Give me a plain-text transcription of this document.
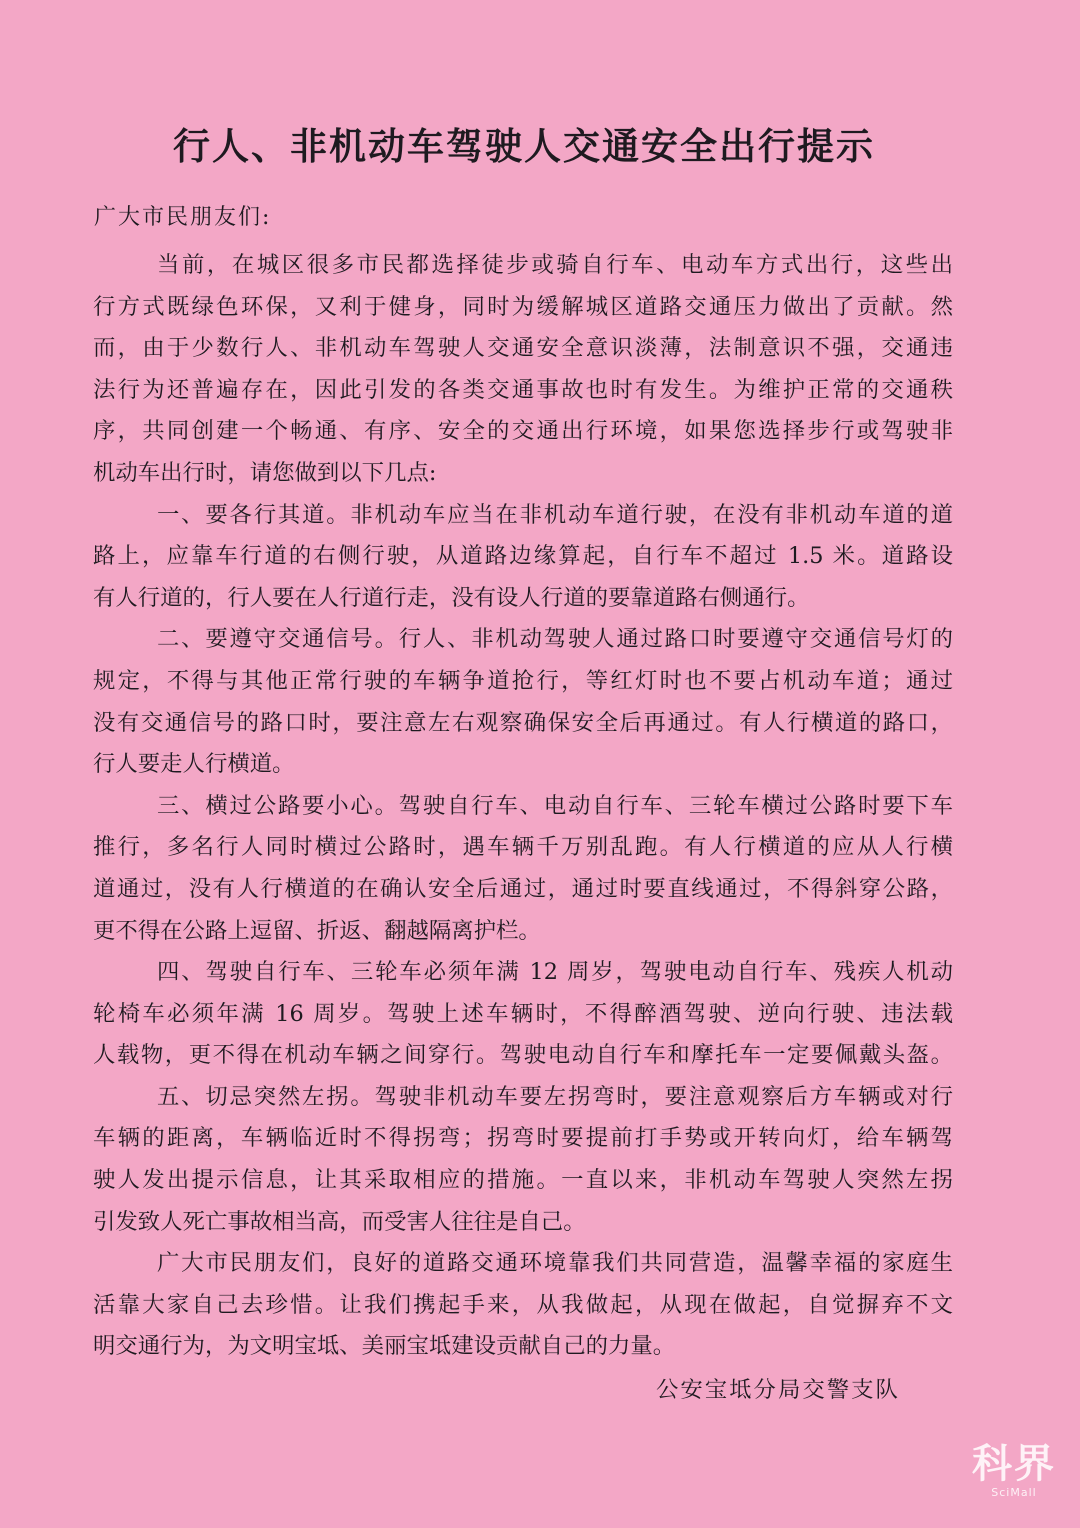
行人、非机动车驾驶人交通安全出行提示
广大市民朋友们:
当前，在城区很多市民都选择徒步或骑自行车、电动车方式出行，这些出
行方式既绿色环保，又利于健身，同时为缓解城区道路交通压力做出了贡献。然
而，由于少数行人、非机动车驾驶人交通安全意识淡薄，法制意识不强，交通违
法行为还普遍存在，因此引发的各类交通事故也时有发生。为维护正常的交通秩
序，共同创建一个畅通、有序、安全的交通出行环境，如果您选择步行或驾驶非
机动车出行时，请您做到以下几点:
一、要各行其道。非机动车应当在非机动车道行驶，在没有非机动车道的道
路上，应靠车行道的右侧行驶，从道路边缘算起，自行车不超过 1.5 米。道路设
有人行道的，行人要在人行道行走，没有设人行道的要靠道路右侧通行。
二、要遵守交通信号。行人、非机动驾驶人通过路口时要遵守交通信号灯的
规定，不得与其他正常行驶的车辆争道抢行，等红灯时也不要占机动车道；通过
没有交通信号的路口时，要注意左右观察确保安全后再通过。有人行横道的路口，
行人要走人行横道。
三、横过公路要小心。驾驶自行车、电动自行车、三轮车横过公路时要下车
推行，多名行人同时横过公路时，遇车辆千万别乱跑。有人行横道的应从人行横
道通过，没有人行横道的在确认安全后通过，通过时要直线通过，不得斜穿公路，
更不得在公路上逗留、折返、翻越隔离护栏。
四、驾驶自行车、三轮车必须年满 12 周岁，驾驶电动自行车、残疾人机动
轮椅车必须年满 16 周岁。驾驶上述车辆时，不得醉酒驾驶、逆向行驶、违法载
人载物，更不得在机动车辆之间穿行。驾驶电动自行车和摩托车一定要佩戴头盔。
五、切忌突然左拐。驾驶非机动车要左拐弯时，要注意观察后方车辆或对行
车辆的距离，车辆临近时不得拐弯；拐弯时要提前打手势或开转向灯，给车辆驾
驶人发出提示信息，让其采取相应的措施。一直以来，非机动车驾驶人突然左拐
引发致人死亡事故相当高，而受害人往往是自己。
广大市民朋友们，良好的道路交通环境靠我们共同营造，温馨幸福的家庭生
活靠大家自己去珍惜。让我们携起手来，从我做起，从现在做起，自觉摒弃不文
明交通行为，为文明宝坻、美丽宝坻建设贡献自己的力量。
公安宝坻分局交警支队
科界
SciMall
